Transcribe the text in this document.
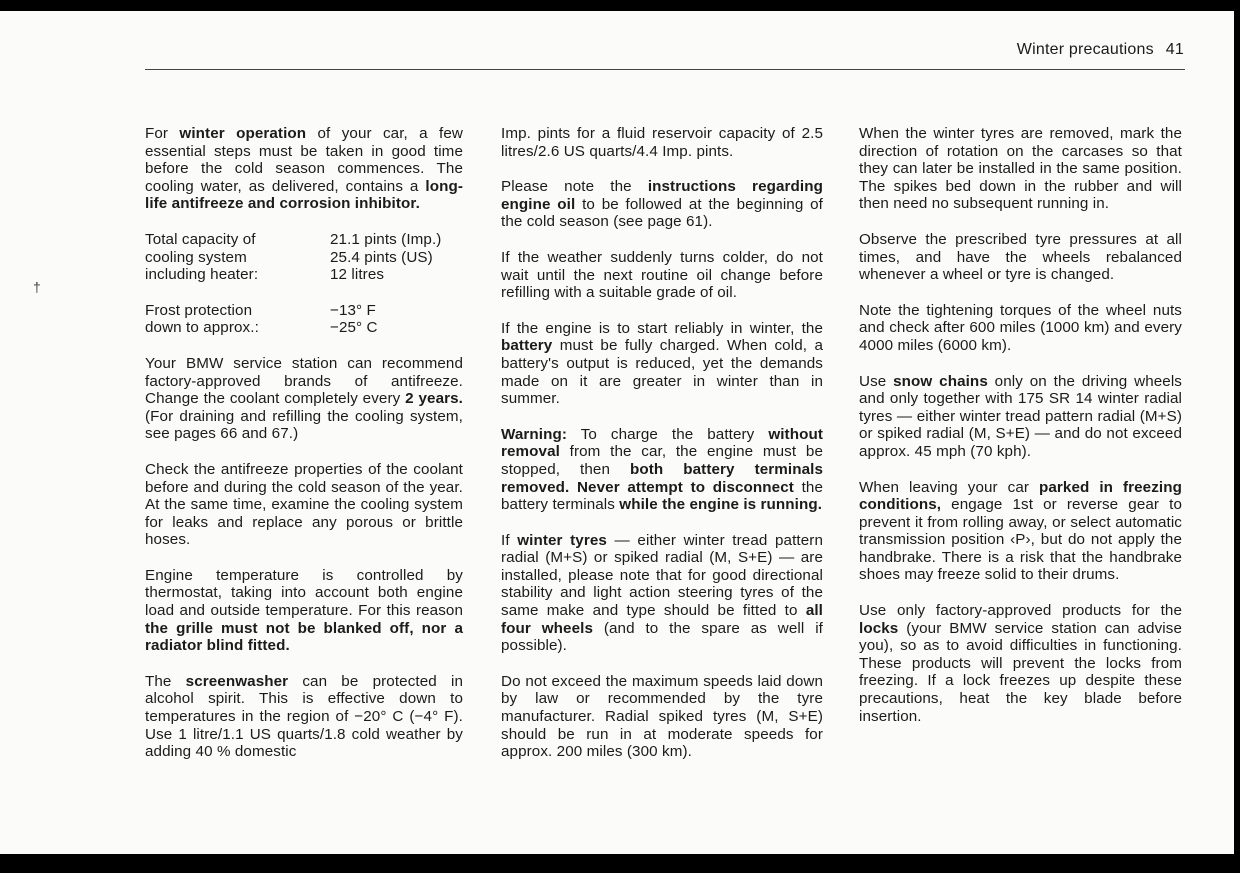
Winter precautions 41
†

For winter operation of your car, a few essential steps must be taken in good time before the cold season commences. The cooling water, as delivered, contains a long-life antifreeze and corrosion inhibitor.

Total capacity of
cooling system
including heater:
21.1 pints (Imp.)
25.4 pints (US)
12 litres
Frost protection
down to approx.:
−13° F
−25° C

Your BMW service station can recommend factory-approved brands of antifreeze. Change the coolant completely every 2 years. (For draining and refilling the cooling system, see pages 66 and 67.)

Check the antifreeze properties of the coolant before and during the cold season of the year. At the same time, examine the cooling system for leaks and replace any porous or brittle hoses.

Engine temperature is controlled by thermostat, taking into account both engine load and outside temperature. For this reason the grille must not be blanked off, nor a radiator blind fitted.

The screenwasher can be protected in alcohol spirit. This is effective down to temperatures in the region of −20° C (−4° F). Use 1 litre/1.1 US quarts/1.8 cold weather by adding 40 % domestic

Imp. pints for a fluid reservoir capacity of 2.5 litres/2.6 US quarts/4.4 Imp. pints.

Please note the instructions regarding engine oil to be followed at the beginning of the cold season (see page 61).

If the weather suddenly turns colder, do not wait until the next routine oil change before refilling with a suitable grade of oil.

If the engine is to start reliably in winter, the battery must be fully charged. When cold, a battery's output is reduced, yet the demands made on it are greater in winter than in summer.

Warning: To charge the battery without removal from the car, the engine must be stopped, then both battery terminals removed. Never attempt to disconnect the battery terminals while the engine is running.

If winter tyres — either winter tread pattern radial (M+S) or spiked radial (M, S+E) — are installed, please note that for good directional stability and light action steering tyres of the same make and type should be fitted to all four wheels (and to the spare as well if possible).

Do not exceed the maximum speeds laid down by law or recommended by the tyre manufacturer. Radial spiked tyres (M, S+E) should be run in at moderate speeds for approx. 200 miles (300 km).

When the winter tyres are removed, mark the direction of rotation on the carcases so that they can later be installed in the same position. The spikes bed down in the rubber and will then need no subsequent running in.

Observe the prescribed tyre pressures at all times, and have the wheels rebalanced whenever a wheel or tyre is changed.

Note the tightening torques of the wheel nuts and check after 600 miles (1000 km) and every 4000 miles (6000 km).

Use snow chains only on the driving wheels and only together with 175 SR 14 winter radial tyres — either winter tread pattern radial (M+S) or spiked radial (M, S+E) — and do not exceed approx. 45 mph (70 kph).

When leaving your car parked in freezing conditions, engage 1st or reverse gear to prevent it from rolling away, or select automatic transmission position ‹P›, but do not apply the handbrake. There is a risk that the handbrake shoes may freeze solid to their drums.

Use only factory-approved products for the locks (your BMW service station can advise you), so as to avoid difficulties in functioning. These products will prevent the locks from freezing. If a lock freezes up despite these precautions, heat the key blade before insertion.
